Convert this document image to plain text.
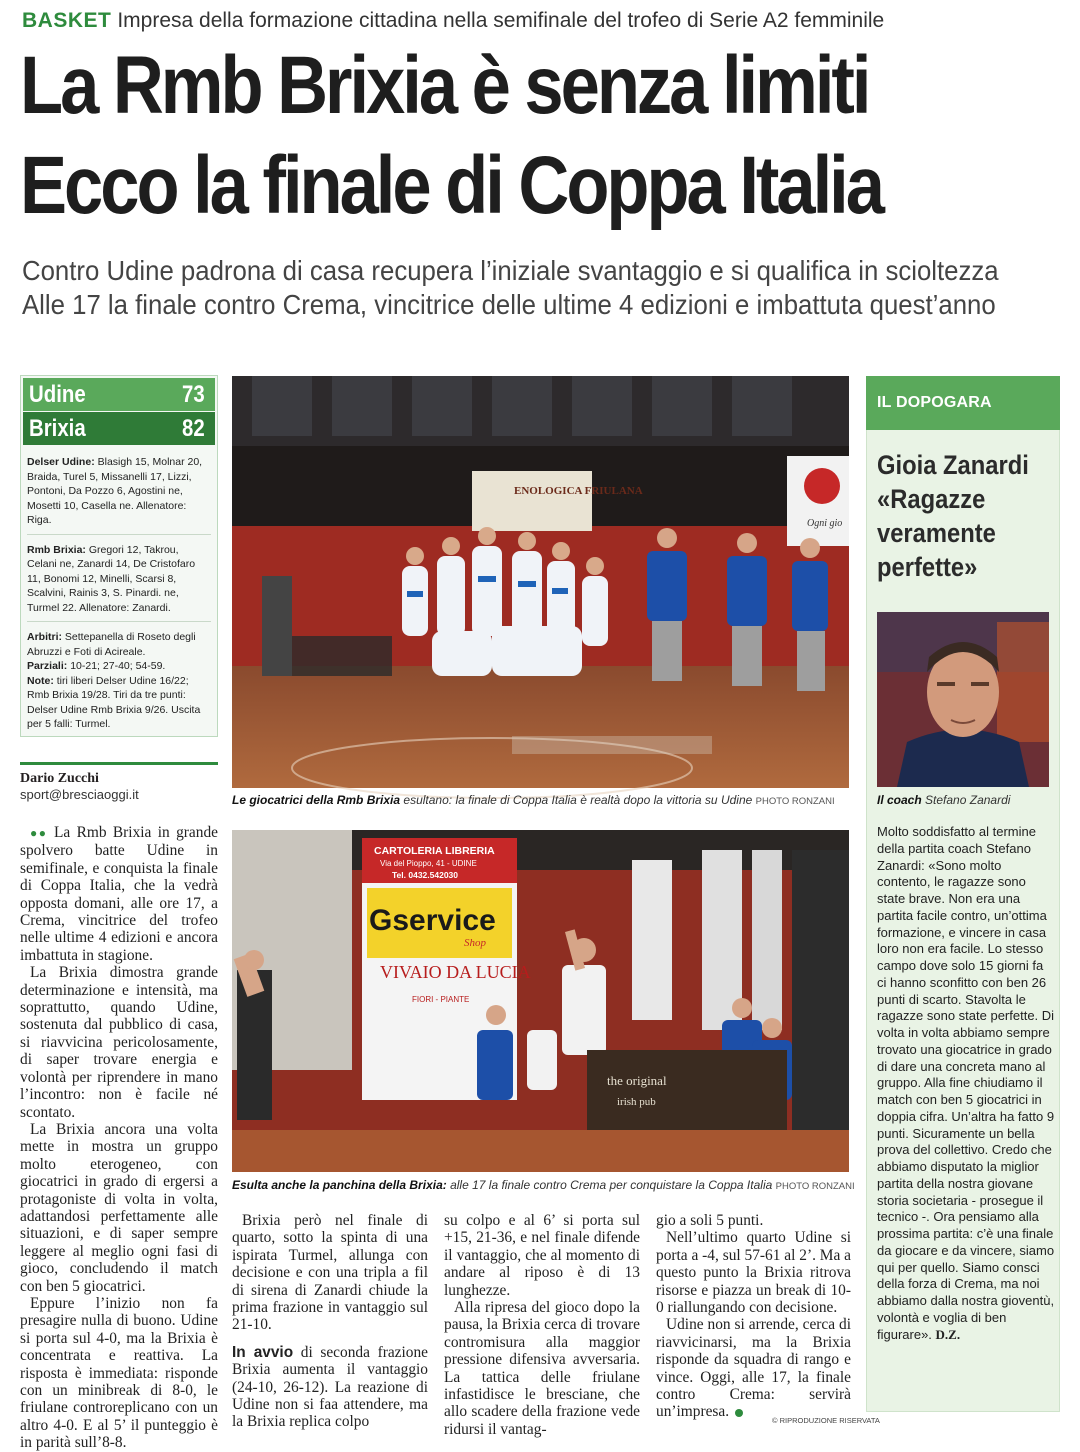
BASKET Impresa della formazione cittadina nella semifinale del trofeo di Serie A2 femminile
La Rmb Brixia è senza limiti
Ecco la finale di Coppa Italia
Contro Udine padrona di casa recupera l’iniziale svantaggio e si qualifica in scioltezza
Alle 17 la finale contro Crema, vincitrice delle ultime 4 edizioni e imbattuta quest’anno
Udine	73
Brixia	82

Delser Udine: Blasigh 15, Molnar 20, Braida, Turel 5, Missanelli 17, Lizzi, Pontoni, Da Pozzo 6, Agostini ne, Mosetti 10, Casella ne. Allenatore: Riga.

Rmb Brixia: Gregori 12, Takrou, Celani ne, Zanardi 14, De Cristofaro 11, Bonomi 12, Minelli, Scarsi 8, Scalvini, Rainis 3, S. Pinardi. ne, Turmel 22. Allenatore: Zanardi.

Arbitri: Settepanella di Roseto degli Abruzzi e Foti di Acireale.
Parziali: 10-21; 27-40; 54-59.
Note: tiri liberi Delser Udine 16/22; Rmb Brixia 19/28. Tiri da tre punti: Delser Udine Rmb Brixia 9/26. Uscita per 5 falli: Turmel.

Dario Zucchi
sport@bresciaoggi.it

●● La Rmb Brixia in grande spolvero batte Udine in semifinale, e conquista la finale di Coppa Italia, che la vedrà opposta domani, alle ore 17, a Crema, vincitrice del trofeo nelle ultime 4 edizioni e ancora imbattuta in stagione.

La Brixia dimostra grande determinazione e intensità, ma soprattutto, quando Udine, sostenuta dal pubblico di casa, si riavvicina pericolosamente, di saper trovare energia e volontà per riprendere in mano l’incontro: non è facile né scontato.

La Brixia ancora una volta mette in mostra un gruppo molto eterogeneo, con giocatrici in grado di ergersi a protagoniste di volta in volta, adattandosi perfettamente alle situazioni, e di saper sempre leggere al meglio ogni fasi di gioco, concludendo il match con ben 5 giocatrici.

Eppure l’inizio non fa presagire nulla di buono. Udine si porta sul 4-0, ma la Brixia è concentrata e reattiva. La risposta è immediata: risponde con un minibreak di 8-0, le friulane controreplicano con un altro 4-0. E al 5’ il punteggio è in parità sull’8-8.

Brixia però nel finale di quarto, sotto la spinta di una ispirata Turmel, allunga con decisione e con una tripla a fil di sirena di Zanardi chiude la prima frazione in vantaggio sul 21-10.

In avvio di seconda frazione Brixia aumenta il vantaggio (24-10, 26-12). La reazione di Udine non si faa attendere, ma la Brixia replica colpo

su colpo e al 6’ si porta sul +15, 21-36, e nel finale difende il vantaggio, che al momento di andare al riposo è di 13 lunghezze.

Alla ripresa del gioco dopo la pausa, la Brixia cerca di trovare contromisura alla maggior pressione difensiva avversaria. La tattica delle friulane infastidisce le bresciane, che allo scadere della frazione vede ridursi il vantag-

gio a soli 5 punti.

Nell’ultimo quarto Udine si porta a -4, sul 57-61 al 2’. Ma a questo punto la Brixia ritrova risorse e piazza un break di 10-0 riallungando con decisione.

Udine non si arrende, cerca di riavvicinarsi, ma la Brixia risponde da squadra di rango e vince. Oggi, alle 17, la finale contro Crema: servirà un’impresa.

ENOLOGICA FRIULANA
Ogni gio
Le giocatrici della Rmb Brixia esultano: la finale di Coppa Italia è realtà dopo la vittoria su Udine PHOTO RONZANI
CARTOLERIA LIBRERIA
Via del Pioppo, 41 - UDINE
Tel. 0432.542030
Gservice
Shop
VIVAIO DA LUCIA
FIORI - PIANTE
the original
irish pub
Esulta anche la panchina della Brixia: alle 17 la finale contro Crema per conquistare la Coppa Italia PHOTO RONZANI
IL DOPOGARA
Gioia Zanardi
«Ragazze
veramente
perfette»
Il coach Stefano Zanardi
Molto soddisfatto al termine della partita coach Stefano Zanardi: «Sono molto contento, le ragazze sono state brave. Non era una partita facile contro, un’ottima formazione, e vincere in casa loro non era facile. Lo stesso campo dove solo 15 giorni fa ci hanno sconfitto con ben 26 punti di scarto. Stavolta le ragazze sono state perfette. Di volta in volta abbiamo sempre trovato una giocatrice in grado di dare una concreta mano al gruppo. Alla fine chiudiamo il match con ben 5 giocatrici in doppia cifra. Un’altra ha fatto 9 punti. Sicuramente un bella prova del collettivo. Credo che abbiamo disputato la miglior partita della nostra giovane storia societaria - prosegue il tecnico -. Ora pensiamo alla prossima partita: c’è una finale da giocare e da vincere, siamo qui per quello. Siamo consci della forza di Crema, ma noi abbiamo dalla nostra gioventù, volontà e voglia di ben figurare». D.Z.
© RIPRODUZIONE RISERVATA
